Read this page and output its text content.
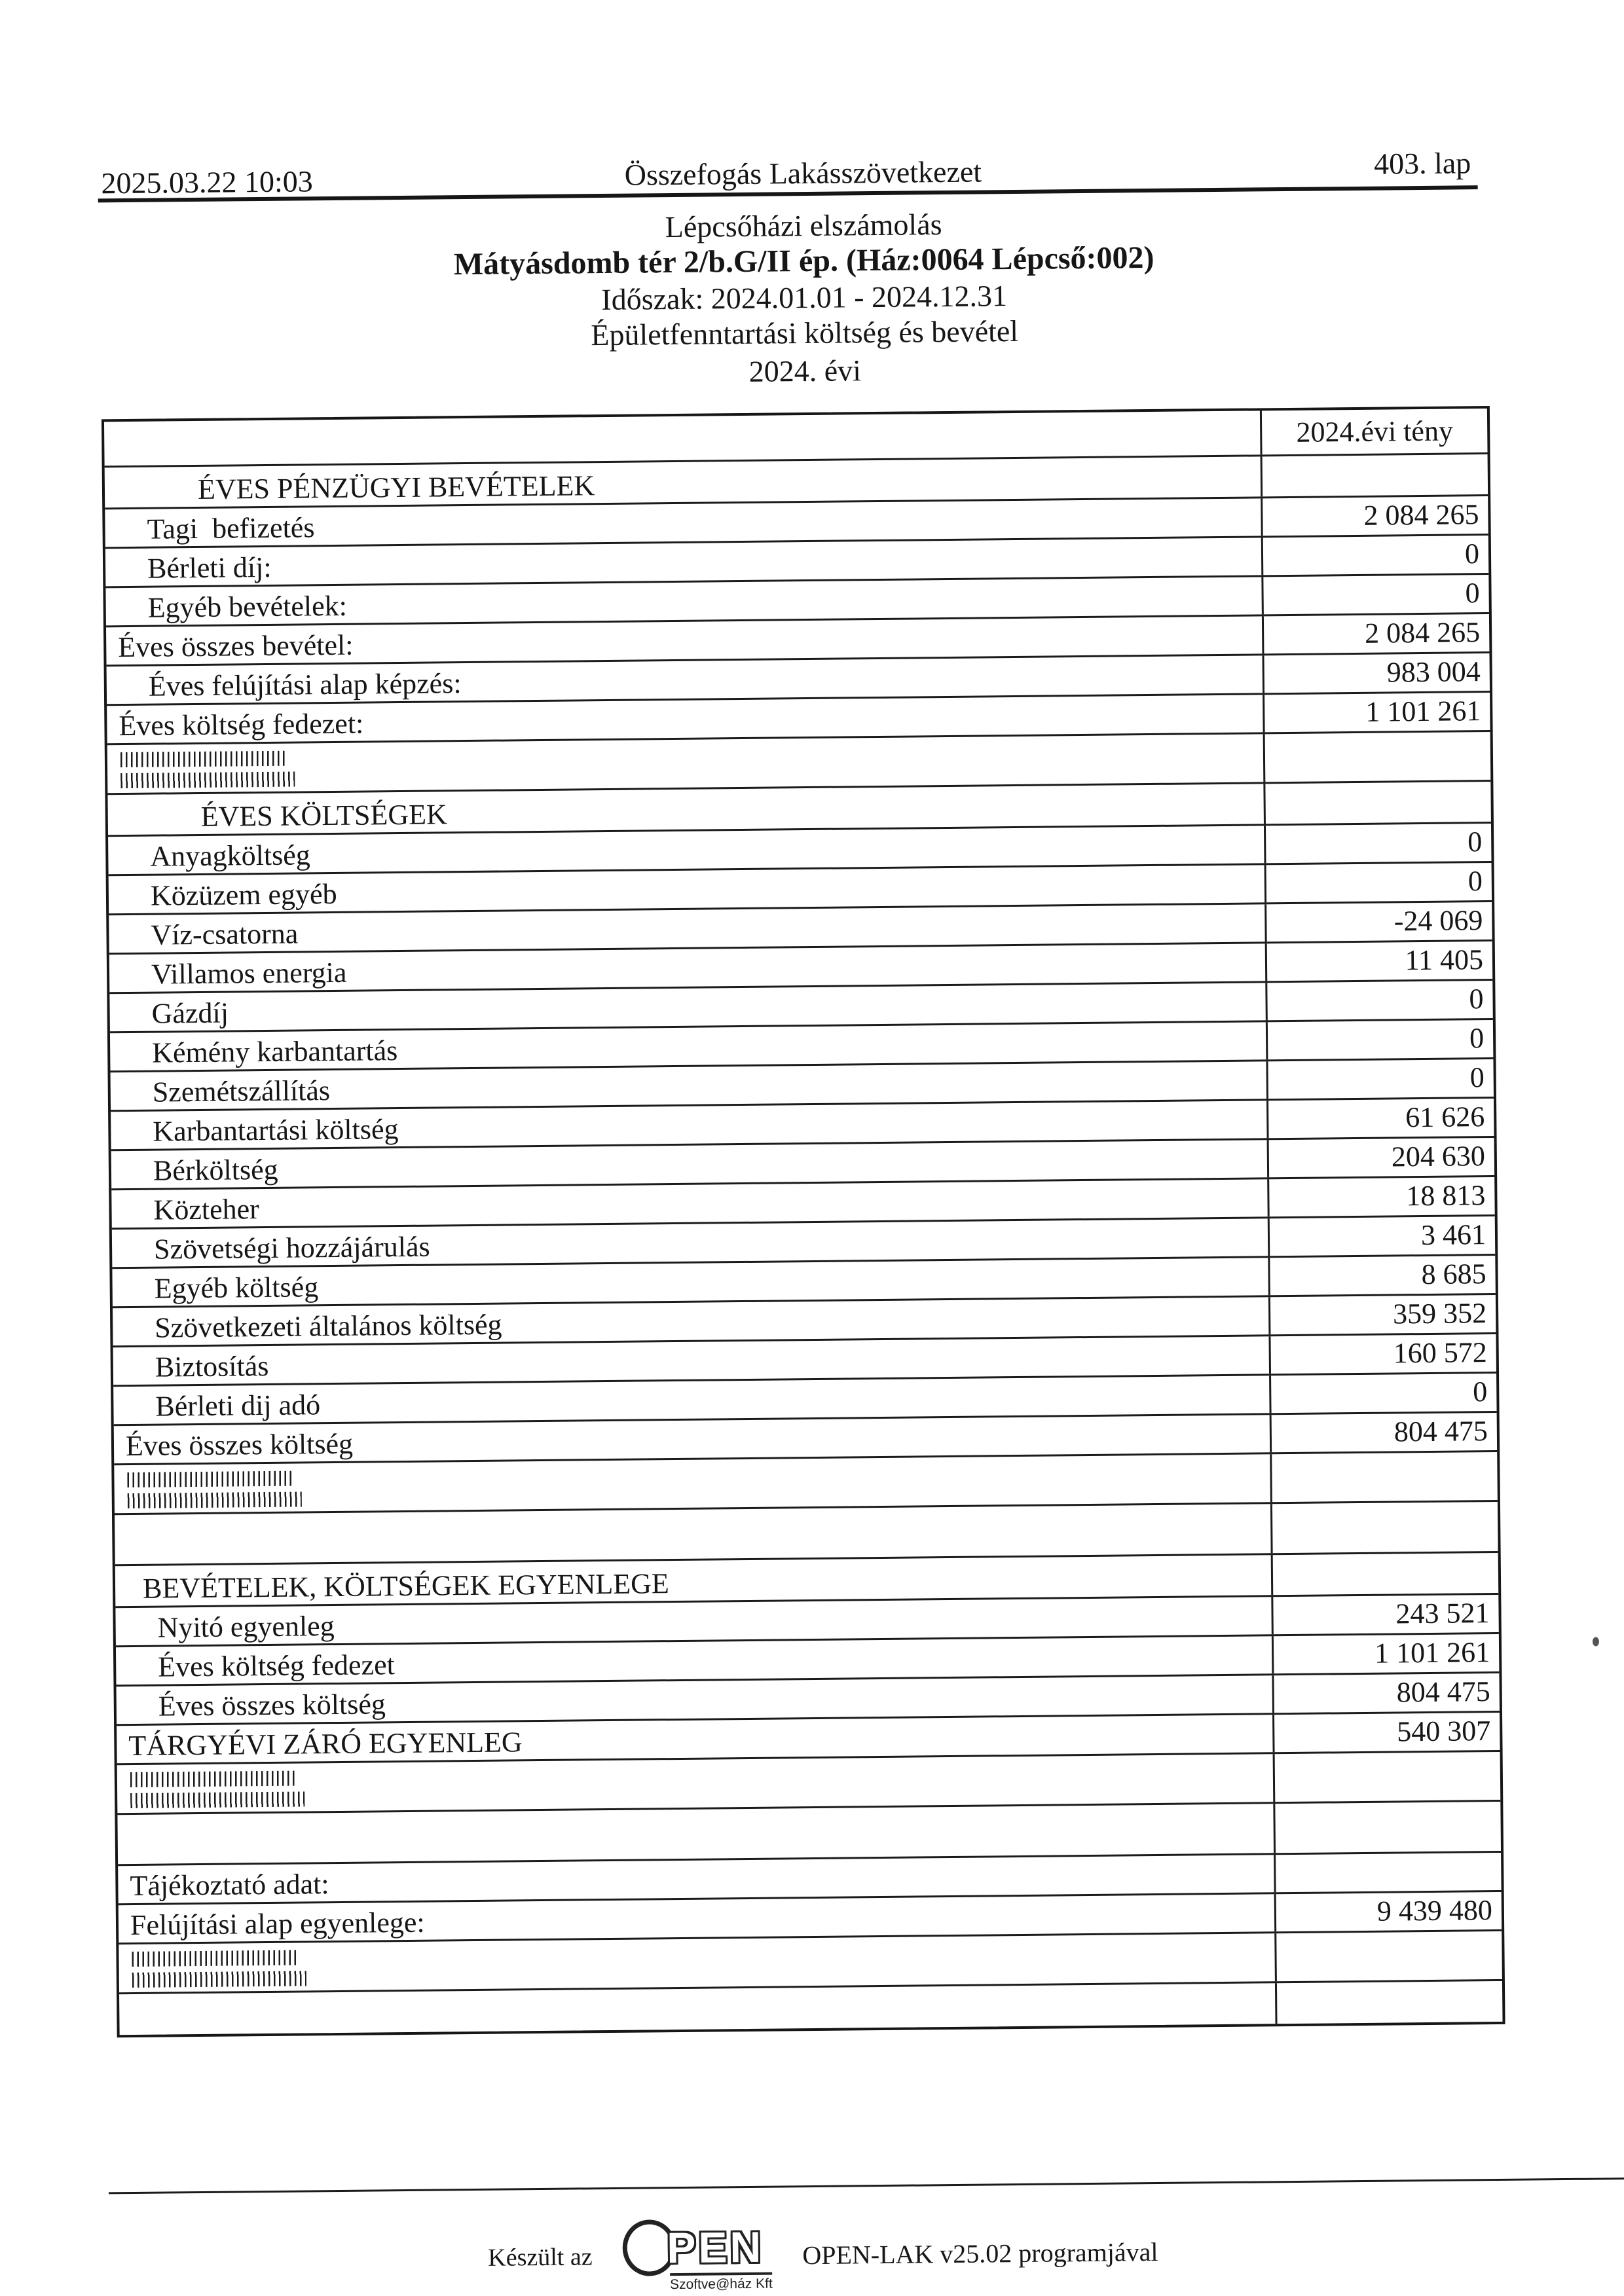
2025.03.22 10:03	Összefogás Lakásszövetkezet	403. lap
Lépcsőházi elszámolás
Mátyásdomb tér 2/b.G/II ép. (Ház:0064 Lépcső:002)
Időszak: 2024.01.01 - 2024.12.31
Épületfenntartási költség és bevétel
2024. évi
2024.évi tény
ÉVES PÉNZÜGYI BEVÉTELEK
Tagi  befizetés	2 084 265
Bérleti díj:	0
Egyéb bevételek:	0
Éves összes bevétel:	2 084 265
Éves felújítási alap képzés:	983 004
Éves költség fedezet:	1 101 261
ÉVES KÖLTSÉGEK
Anyagköltség	0
Közüzem egyéb	0
Víz-csatorna	-24 069
Villamos energia	11 405
Gázdíj	0
Kémény karbantartás	0
Szemétszállítás	0
Karbantartási költség	61 626
Bérköltség	204 630
Közteher	18 813
Szövetségi hozzájárulás	3 461
Egyéb költség	8 685
Szövetkezeti általános költség	359 352
Biztosítás	160 572
Bérleti dij adó	0
Éves összes költség	804 475
BEVÉTELEK, KÖLTSÉGEK EGYENLEGE
Nyitó egyenleg	243 521
Éves költség fedezet	1 101 261
Éves összes költség	804 475
TÁRGYÉVI ZÁRÓ EGYENLEG	540 307
Tájékoztató adat:
Felújítási alap egyenlege:	9 439 480
Készült az PEN
Szoftve@ház Kft
OPEN-LAK v25.02 programjával
